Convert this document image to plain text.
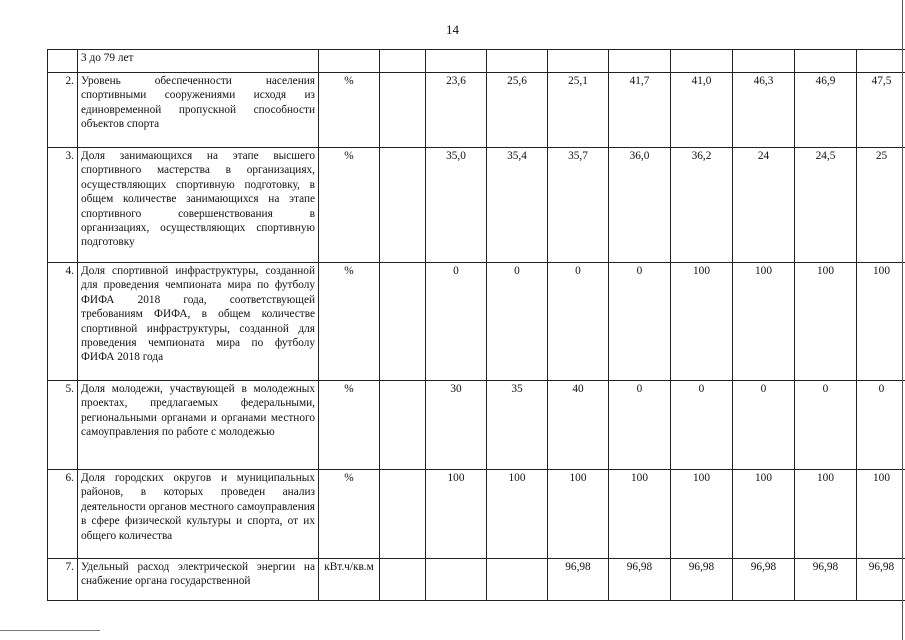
14
	3 до 79 лет										
2.	Уровень обеспеченности населения спортивными сооружениями исходя из единовременной пропускной способности объектов спорта	%		23,6	25,6	25,1	41,7	41,0	46,3	46,9	47,5
3.	Доля занимающихся на этапе высшего спортивного мастерства в организациях, осуществляющих спортивную подготовку, в общем количестве занимающихся на этапе спортивного совершенствования в организациях, осуществляющих спортивную подготовку	%		35,0	35,4	35,7	36,0	36,2	24	24,5	25
4.	Доля спортивной инфраструктуры, созданной для проведения чемпионата мира по футболу ФИФА 2018 года, соответствующей требованиям ФИФА, в общем количестве спортивной инфраструктуры, созданной для проведения чемпионата мира по футболу ФИФА 2018 года	%		0	0	0	0	100	100	100	100
5.	Доля молодежи, участвующей в молодежных проектах, предлагаемых федеральными, региональными органами и органами местного самоуправления по работе с молодежью	%		30	35	40	0	0	0	0	0
6.	Доля городских округов и муниципальных районов, в которых проведен анализ деятельности органов местного самоуправления в сфере физической культуры и спорта, от их общего количества	%		100	100	100	100	100	100	100	100
7.	Удельный расход электрической энергии на снабжение органа государственной	кВт.ч/кв.м				96,98	96,98	96,98	96,98	96,98	96,98
